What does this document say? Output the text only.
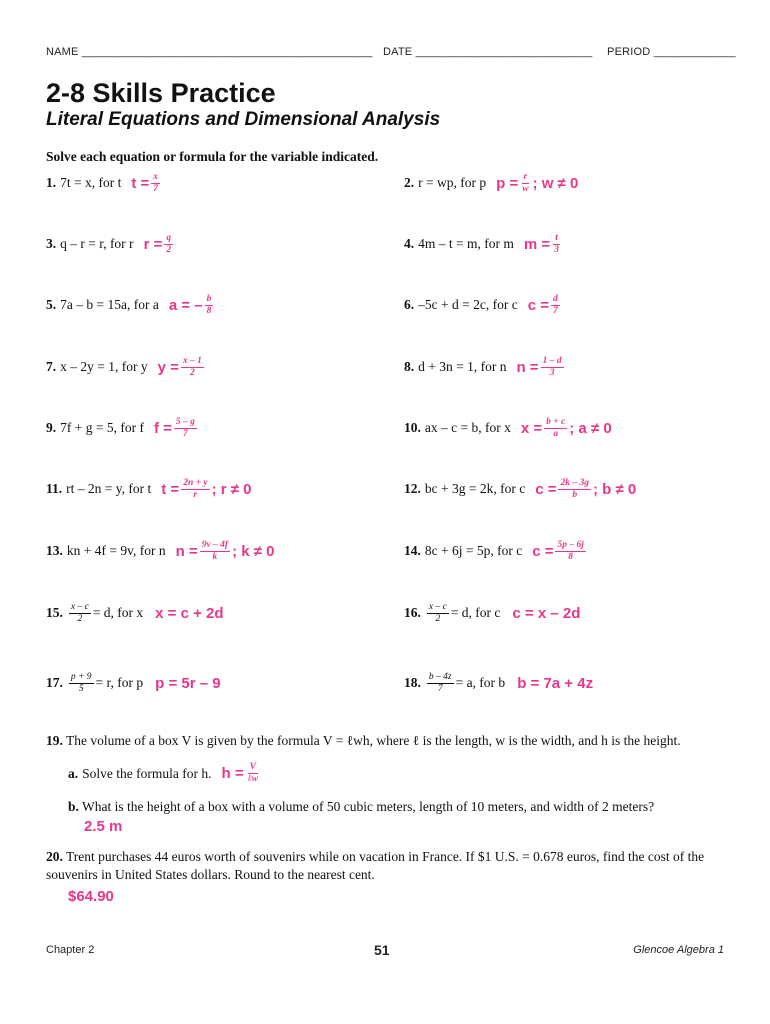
NAME ______________________________________________ DATE ____________________________ PERIOD _____________
2-8 Skills Practice
Literal Equations and Dimensional Analysis
Solve each equation or formula for the variable indicated.
1. 7t = x, for t $t = \frac{x}{7}$	2. r = wp, for p $p = \frac{r}{w}$ ; w ≠ 0
3. q – r = r, for r $r = \frac{q}{2}$	4. 4m – t = m, for m $m = \frac{t}{3}$
5. 7a – b = 15a, for a a = – $\frac{b}{8}$	6. –5c + d = 2c, for c $c = \frac{d}{7}$
7. x – 2y = 1, for y $y = \frac{x - 1}{2}$	8. d + 3n = 1, for n $n = \frac{1 - d}{3}$
9. 7f + g = 5, for f $f = \frac{5 - g}{7}$	10. ax – c = b, for x $x = \frac{b + c}{a}$ ; a ≠ 0
11. rt – 2n = y, for t $t = \frac{2n + y}{r}$ ; r ≠ 0	12. bc + 3g = 2k, for c $c = \frac{2k - 3g}{b}$ ; b ≠ 0
13. kn + 4f = 9v, for n $n = \frac{9v - 4f}{k}$ ; k ≠ 0	14. 8c + 6j = 5p, for c $c = \frac{5p - 6j}{8}$
15. $\frac{x - c}{2} = d$, for x x = c + 2d	16. $\frac{x - c}{2} = d$, for c c = x – 2d
17. $\frac{p + 9}{5} = r$, for p p = 5r – 9	18. $\frac{b - 4z}{7} = a$, for b b = 7a + 4z
19. The volume of a box V is given by the formula V = ℓwh, where ℓ is the length, w is the width, and h is the height.
a. Solve the formula for h. $h = \frac{V}{\text{ℓw}}$
b. What is the height of a box with a volume of 50 cubic meters, length of 10 meters, and width of 2 meters?
2.5 m
20. Trent purchases 44 euros worth of souvenirs while on vacation in France. If $1 U.S. = 0.678 euros, find the cost of the souvenirs in United States dollars. Round to the nearest cent.
$64.90
Chapter 2	51	Glencoe Algebra 1
